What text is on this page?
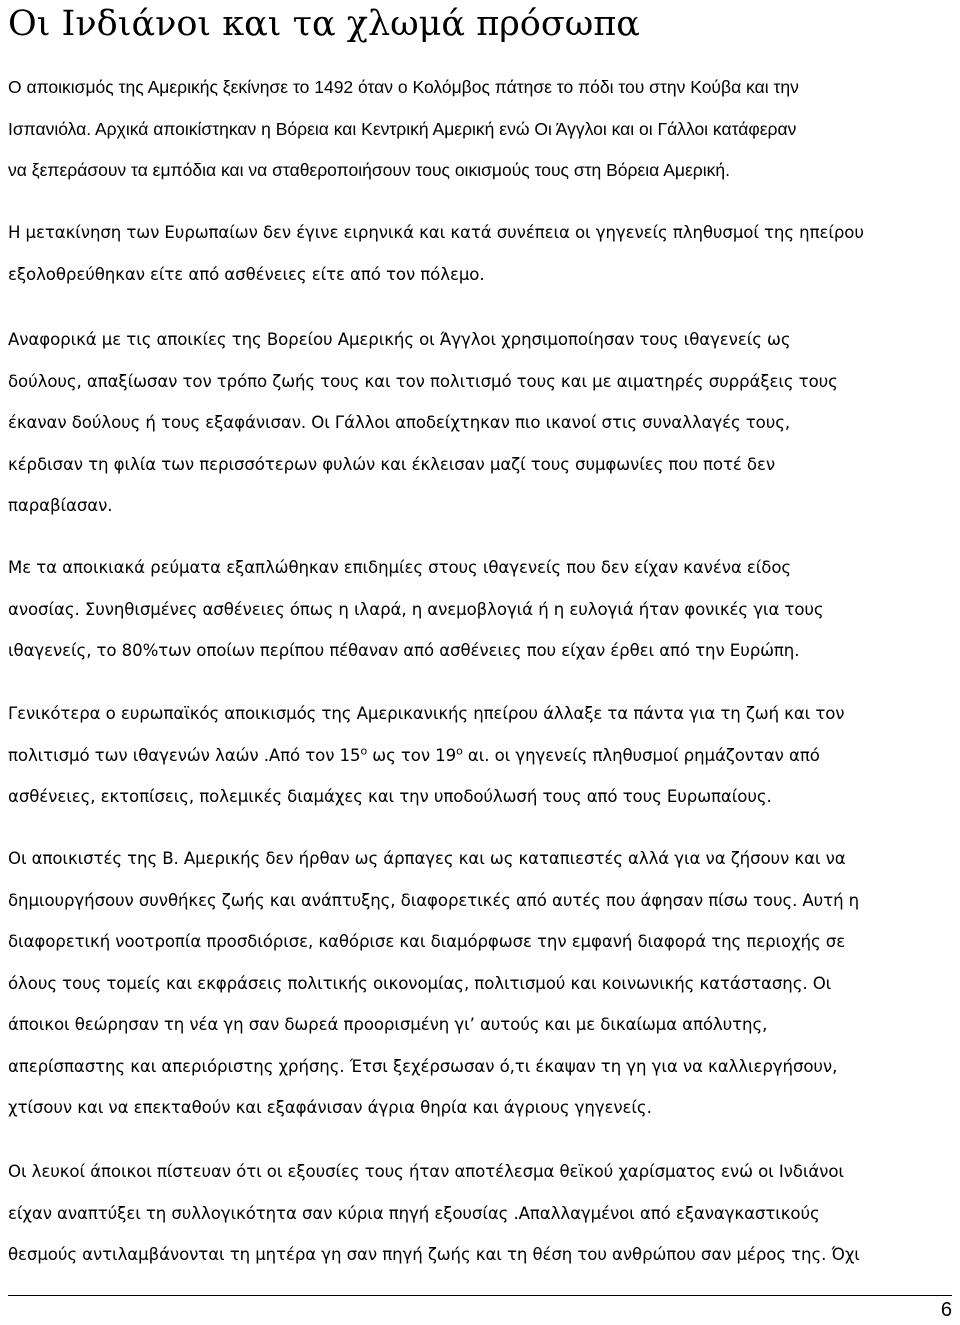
Οι Ινδιάνοι και τα χλωμά πρόσωπα

Ο αποικισμός της Αμερικής ξεκίνησε το 1492 όταν ο Κολόμβος πάτησε το πόδι του στην Κούβα και την
Ισπανιόλα. Αρχικά αποικίστηκαν η Βόρεια και Κεντρική Αμερική ενώ Οι Άγγλοι και οι Γάλλοι κατάφεραν
να ξεπεράσουν τα εμπόδια και να σταθεροποιήσουν τους οικισμούς τους στη Βόρεια Αμερική.

Η μετακίνηση των Ευρωπαίων δεν έγινε ειρηνικά και κατά συνέπεια οι γηγενείς πληθυσμοί της ηπείρου
εξολοθρεύθηκαν είτε από ασθένειες είτε από τον πόλεμο.

Αναφορικά με τις αποικίες της Βορείου Αμερικής οι Άγγλοι χρησιμοποίησαν τους ιθαγενείς ως
δούλους, απαξίωσαν τον τρόπο ζωής τους και τον πολιτισμό τους και με αιματηρές συρράξεις τους
έκαναν δούλους ή τους εξαφάνισαν. Οι Γάλλοι αποδείχτηκαν πιο ικανοί στις συναλλαγές τους,
κέρδισαν τη φιλία των περισσότερων φυλών και έκλεισαν μαζί τους συμφωνίες που ποτέ δεν
παραβίασαν.

Με τα αποικιακά ρεύματα εξαπλώθηκαν επιδημίες στους ιθαγενείς που δεν είχαν κανένα είδος
ανοσίας. Συνηθισμένες ασθένειες όπως η ιλαρά, η ανεμοβλογιά ή η ευλογιά ήταν φονικές για τους
ιθαγενείς, το 80%των οποίων περίπου πέθαναν από ασθένειες που είχαν έρθει από την Ευρώπη.

Γενικότερα ο ευρωπαϊκός αποικισμός της Αμερικανικής ηπείρου άλλαξε τα πάντα για τη ζωή και τον
πολιτισμό των ιθαγενών λαών .Από τον $15^o$ ως τον $19^o$ αι. οι γηγενείς πληθυσμοί ρημάζονταν από
ασθένειες, εκτοπίσεις, πολεμικές διαμάχες και την υποδούλωσή τους από τους Ευρωπαίους.

Οι αποικιστές της Β. Αμερικής δεν ήρθαν ως άρπαγες και ως καταπιεστές αλλά για να ζήσουν και να
δημιουργήσουν συνθήκες ζωής και ανάπτυξης, διαφορετικές από αυτές που άφησαν πίσω τους. Αυτή η
διαφορετική νοοτροπία προσδιόρισε, καθόρισε και διαμόρφωσε την εμφανή διαφορά της περιοχής σε
όλους τους τομείς και εκφράσεις πολιτικής οικονομίας, πολιτισμού και κοινωνικής κατάστασης. Οι
άποικοι θεώρησαν τη νέα γη σαν δωρεά προορισμένη γι’ αυτούς και με δικαίωμα απόλυτης,
απερίσπαστης και απεριόριστης χρήσης. Έτσι ξεχέρσωσαν ό,τι έκαψαν τη γη για να καλλιεργήσουν,
χτίσουν και να επεκταθούν και εξαφάνισαν άγρια θηρία και άγριους γηγενείς.

Οι λευκοί άποικοι πίστευαν ότι οι εξουσίες τους ήταν αποτέλεσμα θεϊκού χαρίσματος ενώ οι Ινδιάνοι
είχαν αναπτύξει τη συλλογικότητα σαν κύρια πηγή εξουσίας .Απαλλαγμένοι από εξαναγκαστικούς
θεσμούς αντιλαμβάνονται τη μητέρα γη σαν πηγή ζωής και τη θέση του ανθρώπου σαν μέρος της. Όχι

6
